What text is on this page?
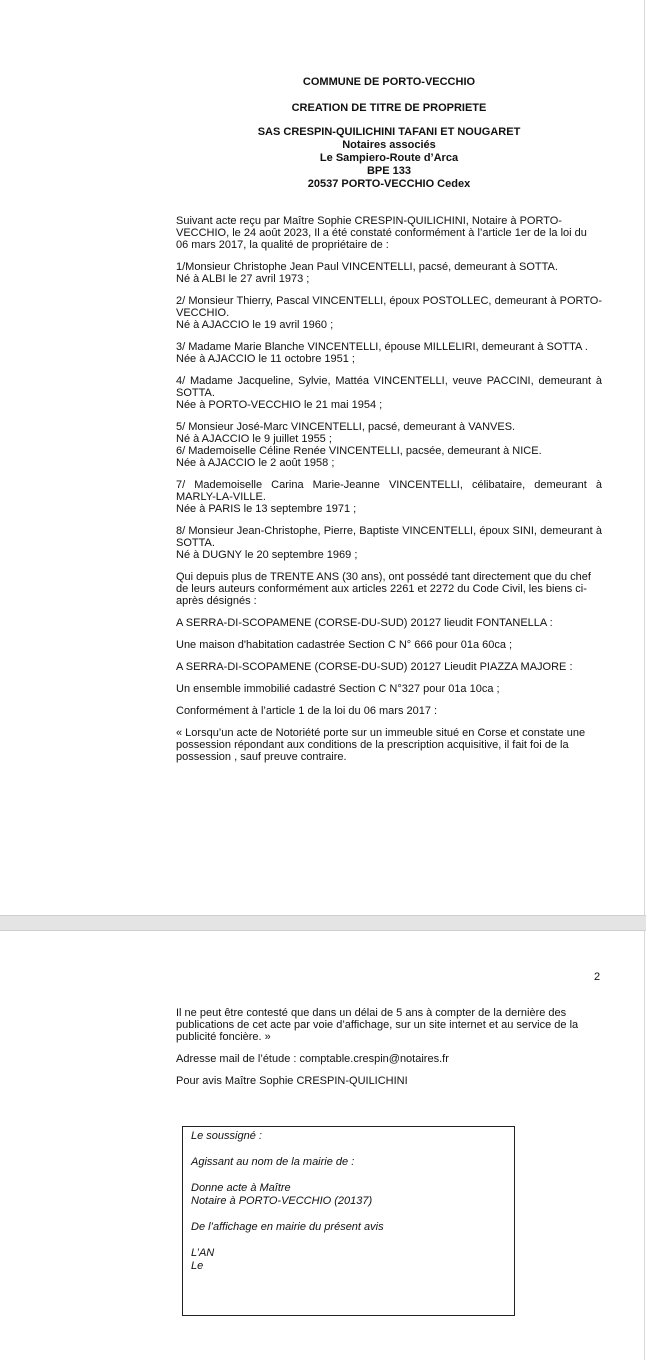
COMMUNE DE PORTO-VECCHIO
CREATION DE TITRE DE PROPRIETE
SAS CRESPIN-QUILICHINI TAFANI ET NOUGARET
Notaires associés
Le Sampiero-Route d’Arca
BPE 133
20537 PORTO-VECCHIO Cedex

Suivant acte reçu par Maître Sophie CRESPIN-QUILICHINI, Notaire à PORTO-VECCHIO, le 24 août 2023, Il a été constaté conformément à l’article 1er de la loi du 06 mars 2017, la qualité de propriétaire de :

1/Monsieur Christophe Jean Paul VINCENTELLI, pacsé, demeurant à SOTTA.
Né à ALBI le 27 avril 1973 ;

2/ Monsieur Thierry, Pascal VINCENTELLI, époux POSTOLLEC, demeurant à PORTO-VECCHIO.
Né à AJACCIO le 19 avril 1960 ;

3/ Madame Marie Blanche VINCENTELLI, épouse MILLELIRI, demeurant à SOTTA .
Née à AJACCIO le 11 octobre 1951 ;

4/ Madame Jacqueline, Sylvie, Mattéa VINCENTELLI, veuve PACCINI, demeurant à SOTTA.
Née à PORTO-VECCHIO le 21 mai 1954 ;

5/ Monsieur José-Marc VINCENTELLI, pacsé, demeurant à VANVES.
Né à AJACCIO le 9 juillet 1955 ;
6/ Mademoiselle Céline Renée VINCENTELLI, pacsée, demeurant à NICE.
Née à AJACCIO le 2 août 1958 ;

7/ Mademoiselle Carina Marie-Jeanne VINCENTELLI, célibataire, demeurant à MARLY-LA-VILLE.
Née à PARIS le 13 septembre 1971 ;

8/ Monsieur Jean-Christophe, Pierre, Baptiste VINCENTELLI, époux SINI, demeurant à SOTTA.
Né à DUGNY le 20 septembre 1969 ;

Qui depuis plus de TRENTE ANS (30 ans), ont possédé tant directement que du chef de leurs auteurs conformément aux articles 2261 et 2272 du Code Civil, les biens ci-après désignés :

A SERRA-DI-SCOPAMENE (CORSE-DU-SUD) 20127 lieudit FONTANELLA :

Une maison d'habitation cadastrée Section C N° 666 pour 01a 60ca ;

A SERRA-DI-SCOPAMENE (CORSE-DU-SUD) 20127 Lieudit PIAZZA MAJORE :

Un ensemble immobilié cadastré Section C N°327 pour 01a 10ca ;

Conformément à l’article 1 de la loi du 06 mars 2017 :

« Lorsqu’un acte de Notoriété porte sur un immeuble situé en Corse et constate une possession répondant aux conditions de la prescription acquisitive, il fait foi de la possession , sauf preuve contraire.

2

Il ne peut être contesté que dans un délai de 5 ans à compter de la dernière des publications de cet acte par voie d’affichage, sur un site internet et au service de la publicité foncière. »

Adresse mail de l’étude : comptable.crespin@notaires.fr

Pour avis Maître Sophie CRESPIN-QUILICHINI

Le soussigné :

Agissant au nom de la mairie de :

Donne acte à Maître
Notaire à PORTO-VECCHIO (20137)

De l’affichage en mairie du présent avis

L’AN
Le
